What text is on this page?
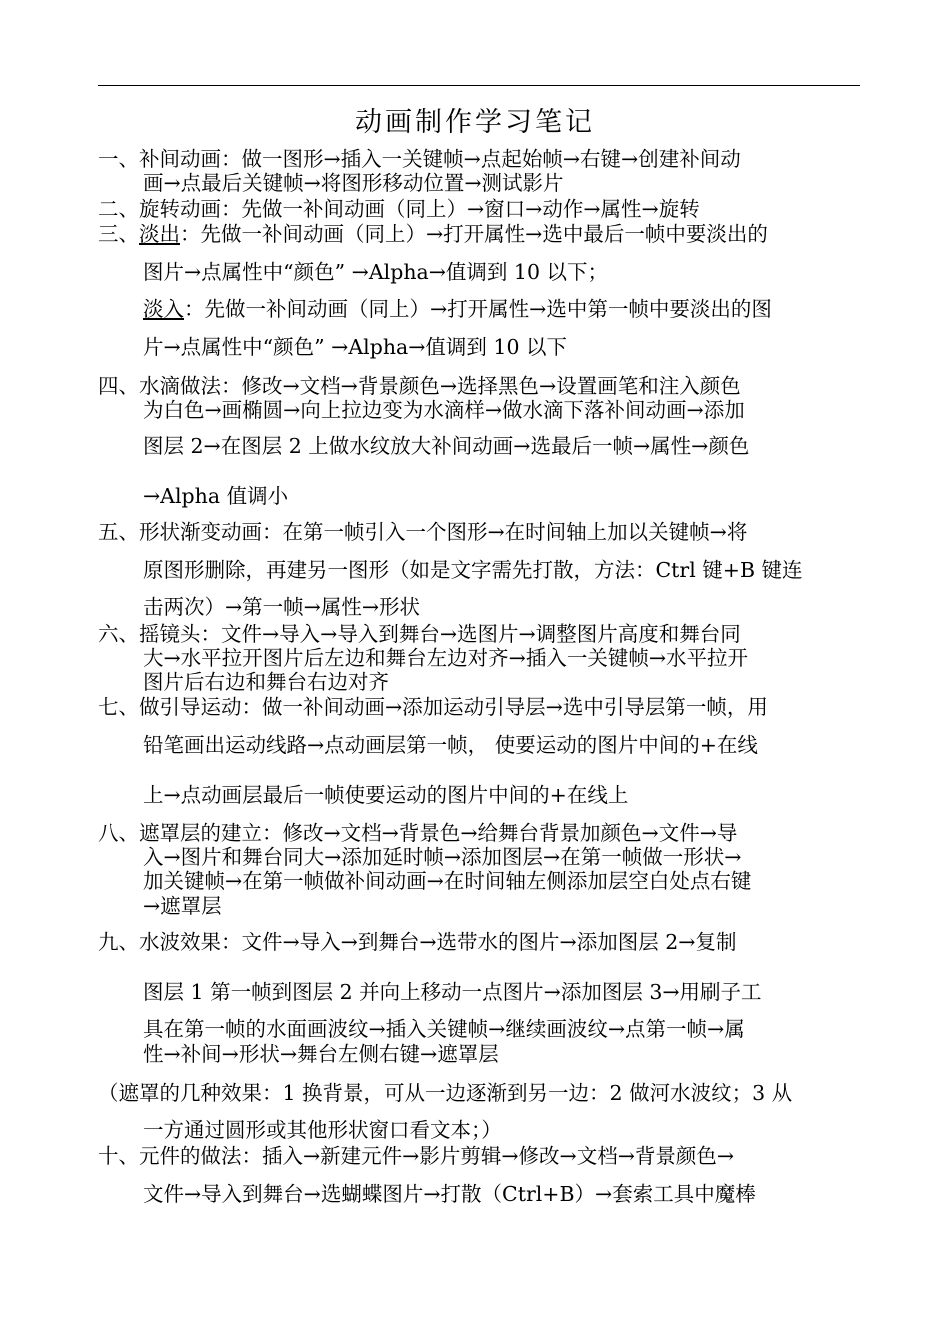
动画制作学习笔记
一、补间动画：做一图形→插入一关键帧→点起始帧→右键→创建补间动
画→点最后关键帧→将图形移动位置→测试影片
二、旋转动画：先做一补间动画（同上）→窗口→动作→属性→旋转
三、淡出：先做一补间动画（同上）→打开属性→选中最后一帧中要淡出的
图片→点属性中“颜色” →Alpha→值调到 10 以下；
淡入：先做一补间动画（同上）→打开属性→选中第一帧中要淡出的图
片→点属性中“颜色” →Alpha→值调到 10 以下
四、水滴做法：修改→文档→背景颜色→选择黑色→设置画笔和注入颜色
为白色→画椭圆→向上拉边变为水滴样→做水滴下落补间动画→添加
图层 2→在图层 2 上做水纹放大补间动画→选最后一帧→属性→颜色
→Alpha 值调小
五、形状渐变动画：在第一帧引入一个图形→在时间轴上加以关键帧→将
原图形删除，再建另一图形（如是文字需先打散，方法：Ctrl 键+B 键连
击两次）→第一帧→属性→形状
六、摇镜头：文件→导入→导入到舞台→选图片→调整图片高度和舞台同
大→水平拉开图片后左边和舞台左边对齐→插入一关键帧→水平拉开
图片后右边和舞台右边对齐
七、做引导运动：做一补间动画→添加运动引导层→选中引导层第一帧，用
铅笔画出运动线路→点动画层第一帧， 使要运动的图片中间的+在线
上→点动画层最后一帧使要运动的图片中间的+在线上
八、遮罩层的建立：修改→文档→背景色→给舞台背景加颜色→文件→导
入→图片和舞台同大→添加延时帧→添加图层→在第一帧做一形状→
加关键帧→在第一帧做补间动画→在时间轴左侧添加层空白处点右键
→遮罩层
九、水波效果：文件→导入→到舞台→选带水的图片→添加图层 2→复制
图层 1 第一帧到图层 2 并向上移动一点图片→添加图层 3→用刷子工
具在第一帧的水面画波纹→插入关键帧→继续画波纹→点第一帧→属
性→补间→形状→舞台左侧右键→遮罩层
（遮罩的几种效果：1 换背景，可从一边逐渐到另一边：2 做河水波纹；3 从
一方通过圆形或其他形状窗口看文本；）
十、元件的做法：插入→新建元件→影片剪辑→修改→文档→背景颜色→
文件→导入到舞台→选蝴蝶图片→打散（Ctrl+B）→套索工具中魔棒
